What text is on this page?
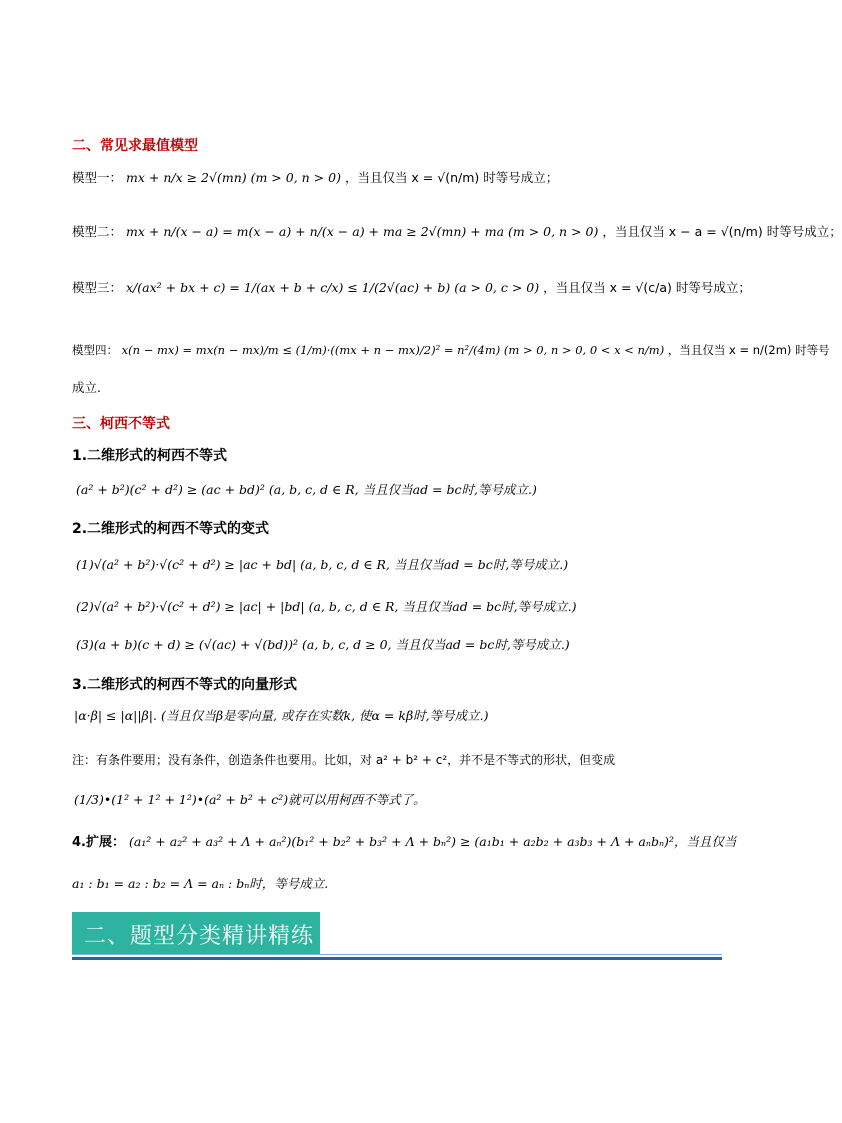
二、常见求最值模型
模型一： mx + n/x ≥ 2√(mn) (m > 0, n > 0) ，当且仅当 x = √(n/m) 时等号成立；
模型二： mx + n/(x − a) = m(x − a) + n/(x − a) + ma ≥ 2√(mn) + ma (m > 0, n > 0) ，当且仅当 x − a = √(n/m) 时等号成立；
模型三： x/(ax² + bx + c) = 1/(ax + b + c/x) ≤ 1/(2√(ac) + b) (a > 0, c > 0) ，当且仅当 x = √(c/a) 时等号成立；
模型四： x(n − mx) = mx(n − mx)/m ≤ (1/m)·((mx + n − mx)/2)² = n²/(4m) (m > 0, n > 0, 0 < x < n/m) ，当且仅当 x = n/(2m) 时等号
成立.
三、柯西不等式
1.二维形式的柯西不等式
(a² + b²)(c² + d²) ≥ (ac + bd)² (a, b, c, d ∈ R, 当且仅当ad = bc时,等号成立.)
2.二维形式的柯西不等式的变式
(1)√(a² + b²)·√(c² + d²) ≥ |ac + bd| (a, b, c, d ∈ R, 当且仅当ad = bc时,等号成立.)
(2)√(a² + b²)·√(c² + d²) ≥ |ac| + |bd| (a, b, c, d ∈ R, 当且仅当ad = bc时,等号成立.)
(3)(a + b)(c + d) ≥ (√(ac) + √(bd))² (a, b, c, d ≥ 0, 当且仅当ad = bc时,等号成立.)
3.二维形式的柯西不等式的向量形式
|α·β| ≤ |α||β|. (当且仅当β是零向量, 或存在实数k, 使α = kβ时,等号成立.)
注：有条件要用；没有条件，创造条件也要用。比如，对 a² + b² + c²，并不是不等式的形状，但变成
(1/3)•(1² + 1² + 1²)•(a² + b² + c²)就可以用柯西不等式了。
4.扩展： (a₁² + a₂² + a₃² + Λ + aₙ²)(b₁² + b₂² + b₃² + Λ + bₙ²) ≥ (a₁b₁ + a₂b₂ + a₃b₃ + Λ + aₙbₙ)²，当且仅当
a₁ : b₁ = a₂ : b₂ = Λ = aₙ : bₙ时，等号成立.
二、题型分类精讲精练
